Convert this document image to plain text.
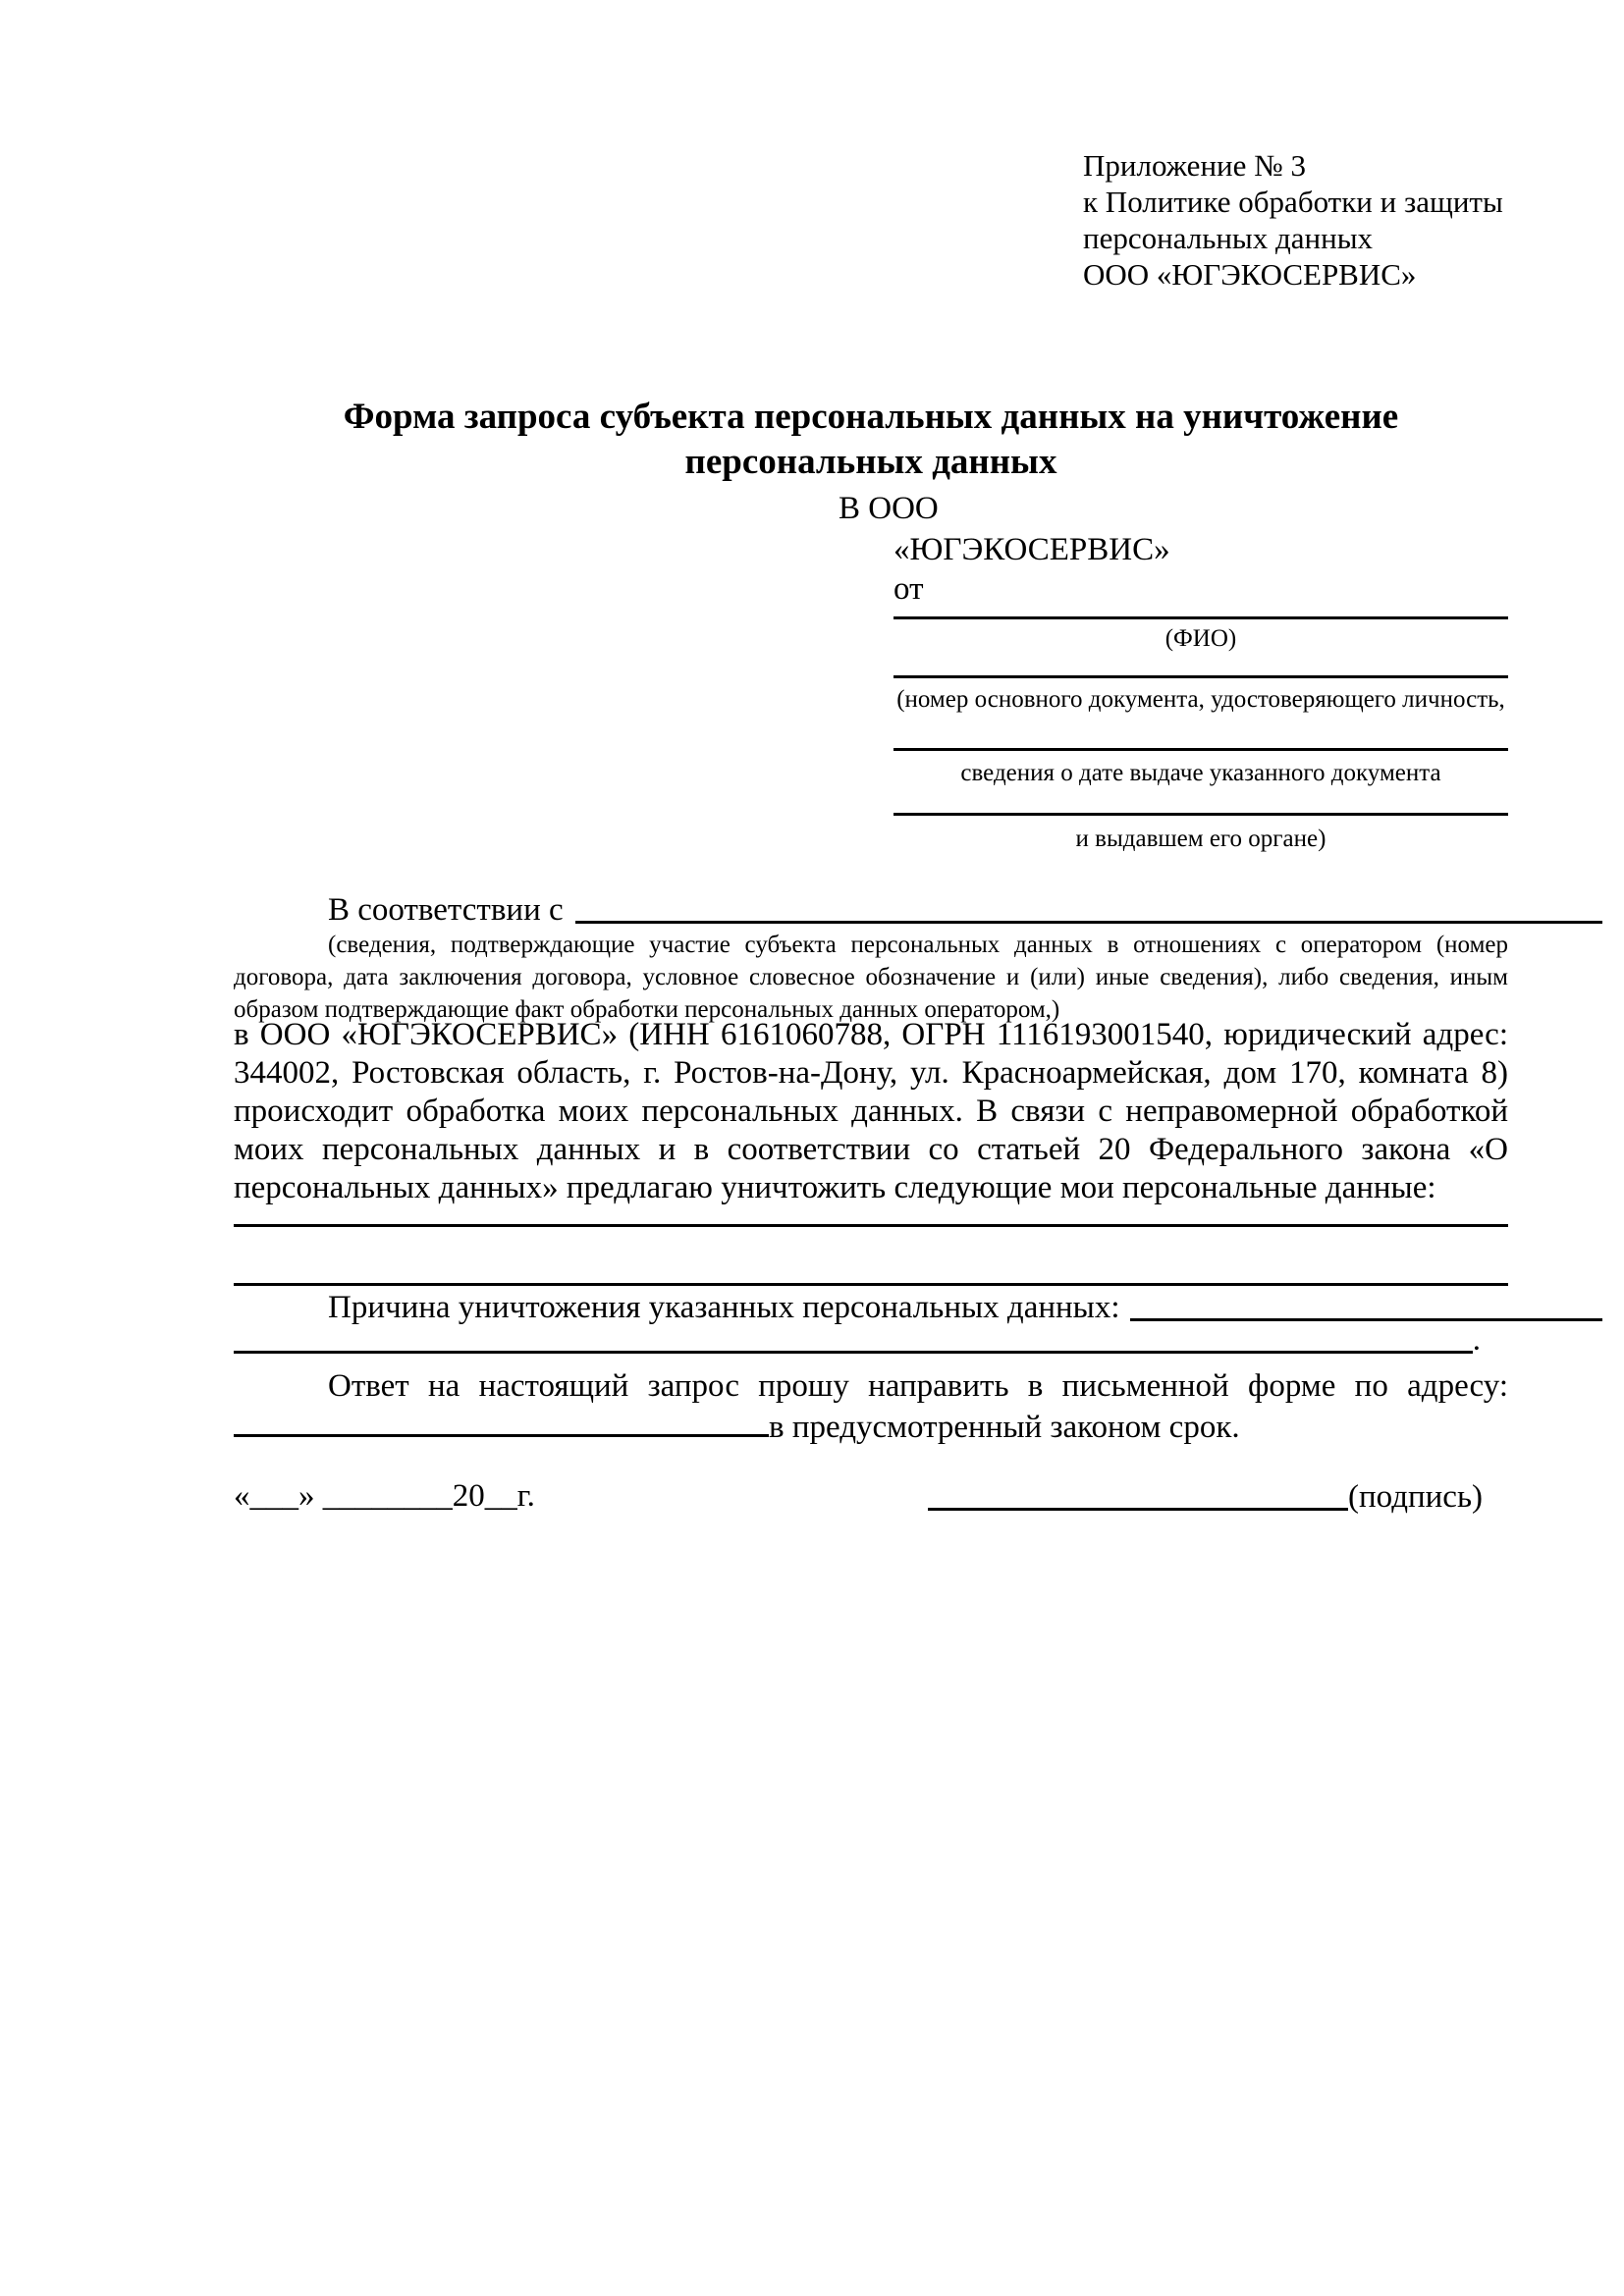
Приложение № 3
к Политике обработки и защиты
персональных данных
ООО «ЮГЭКОСЕРВИС»
Форма запроса субъекта персональных данных на уничтожение
персональных данных
В ООО
«ЮГЭКОСЕРВИС»
от
(ФИО)
(номер основного документа, удостоверяющего личность,
сведения о дате выдаче указанного документа
и выдавшем его органе)
В соответствии с
(сведения, подтверждающие участие субъекта персональных данных в отношениях с оператором (номер договора, дата заключения договора, условное словесное обозначение и (или) иные сведения), либо сведения, иным образом подтверждающие факт обработки персональных данных оператором,)
в ООО «ЮГЭКОСЕРВИС» (ИНН 6161060788, ОГРН 1116193001540, юридический адрес: 344002, Ростовская область, г. Ростов-на-Дону, ул. Красноармейская, дом 170, комната 8) происходит обработка моих персональных данных. В связи с неправомерной обработкой моих персональных данных и в соответствии со статьей 20 Федерального закона «О персональных данных» предлагаю уничтожить следующие мои персональные данные:
Причина уничтожения указанных персональных данных:
.
Ответ на настоящий запрос прошу направить в письменной форме по адресу: в предусмотренный законом срок.
«___» ________20__г.	(подпись)
